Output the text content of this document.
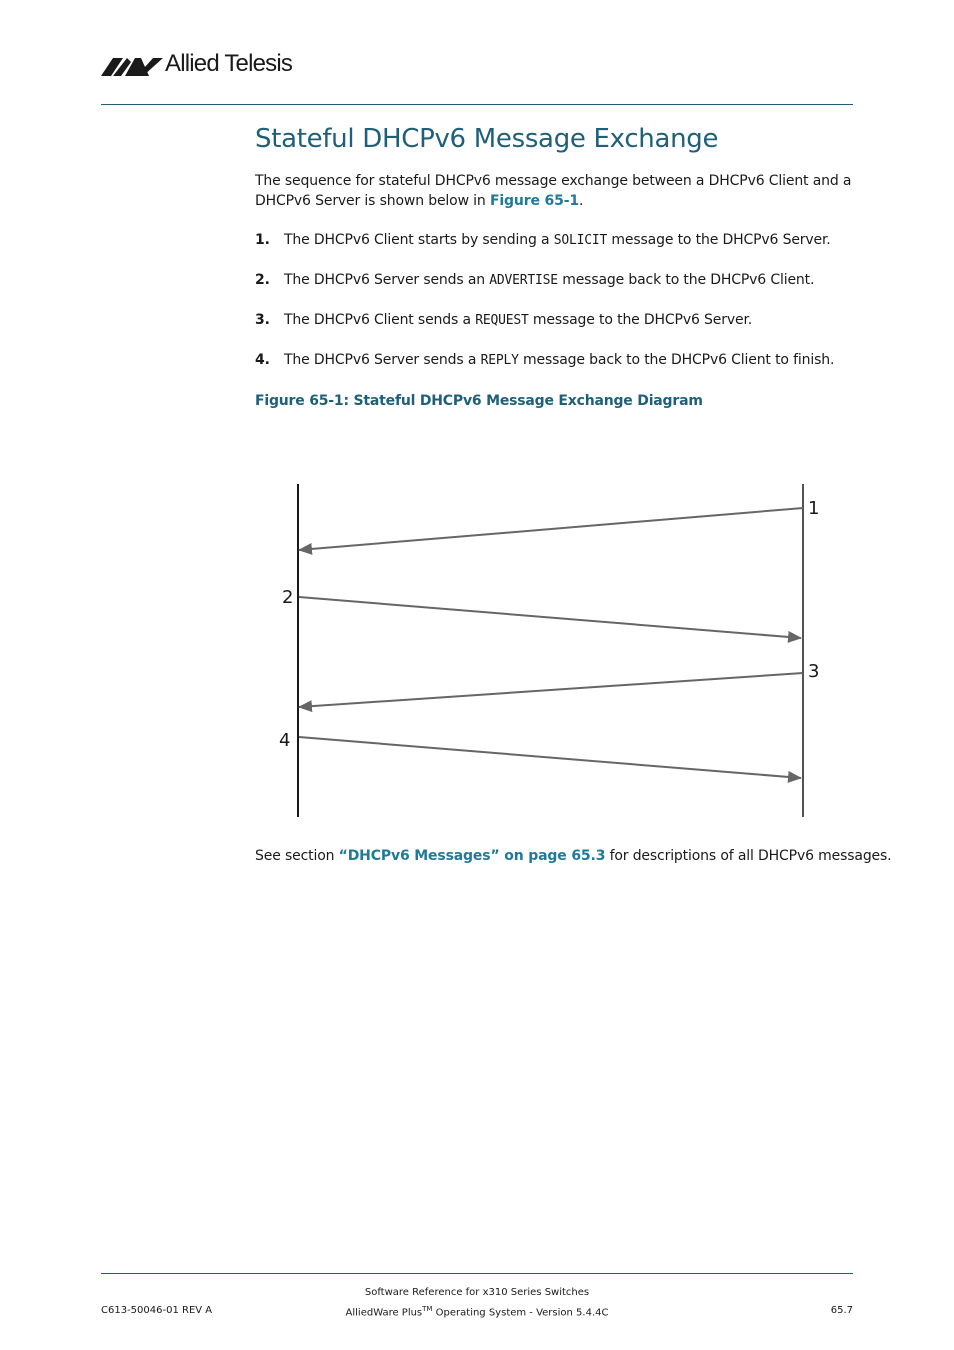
Allied Telesis
Stateful DHCPv6 Message Exchange

The sequence for stateful DHCPv6 message exchange between a DHCPv6 Client and a DHCPv6 Server is shown below in Figure 65-1.

1. The DHCPv6 Client starts by sending a SOLICIT message to the DHCPv6 Server.
2. The DHCPv6 Server sends an ADVERTISE message back to the DHCPv6 Client.
3. The DHCPv6 Client sends a REQUEST message to the DHCPv6 Server.
4. The DHCPv6 Server sends a REPLY message back to the DHCPv6 Client to finish.

Figure 65-1: Stateful DHCPv6 Message Exchange Diagram

1
2
3
4
See section “DHCPv6 Messages” on page 65.3 for descriptions of all DHCPv6 messages.
Software Reference for x310 Series Switches
AlliedWare Plus™ Operating System - Version 5.4.4C
C613-50046-01 REV A	65.7
